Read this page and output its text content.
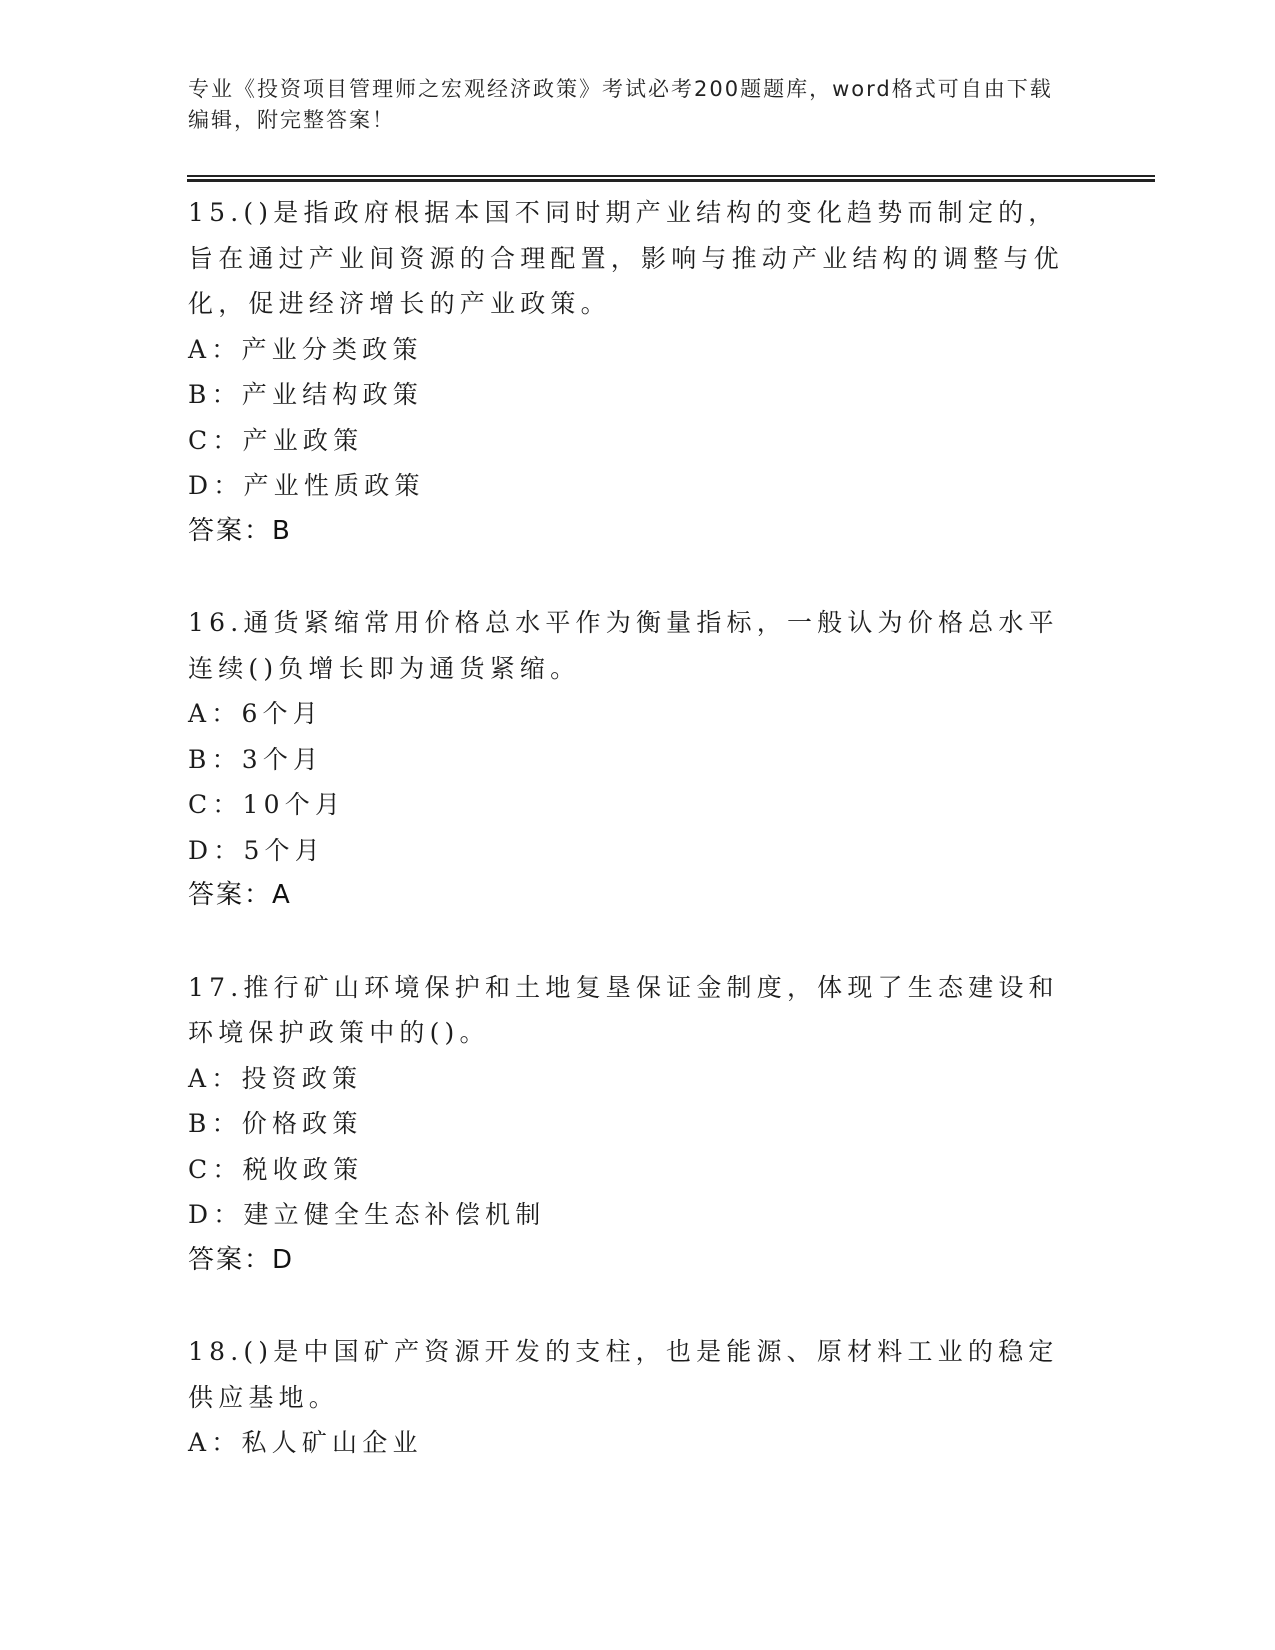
专业《投资项目管理师之宏观经济政策》考试必考200题题库，word格式可自由下载编辑，附完整答案！

15.()是指政府根据本国不同时期产业结构的变化趋势而制定的，旨在通过产业间资源的合理配置，影响与推动产业结构的调整与优化，促进经济增长的产业政策。

A：产业分类政策

B：产业结构政策

C：产业政策

D：产业性质政策

答案：B

16.通货紧缩常用价格总水平作为衡量指标，一般认为价格总水平连续()负增长即为通货紧缩。

A：6个月

B：3个月

C：10个月

D：5个月

答案：A

17.推行矿山环境保护和土地复垦保证金制度，体现了生态建设和环境保护政策中的()。

A：投资政策

B：价格政策

C：税收政策

D：建立健全生态补偿机制

答案：D

18.()是中国矿产资源开发的支柱，也是能源、原材料工业的稳定供应基地。

A：私人矿山企业
